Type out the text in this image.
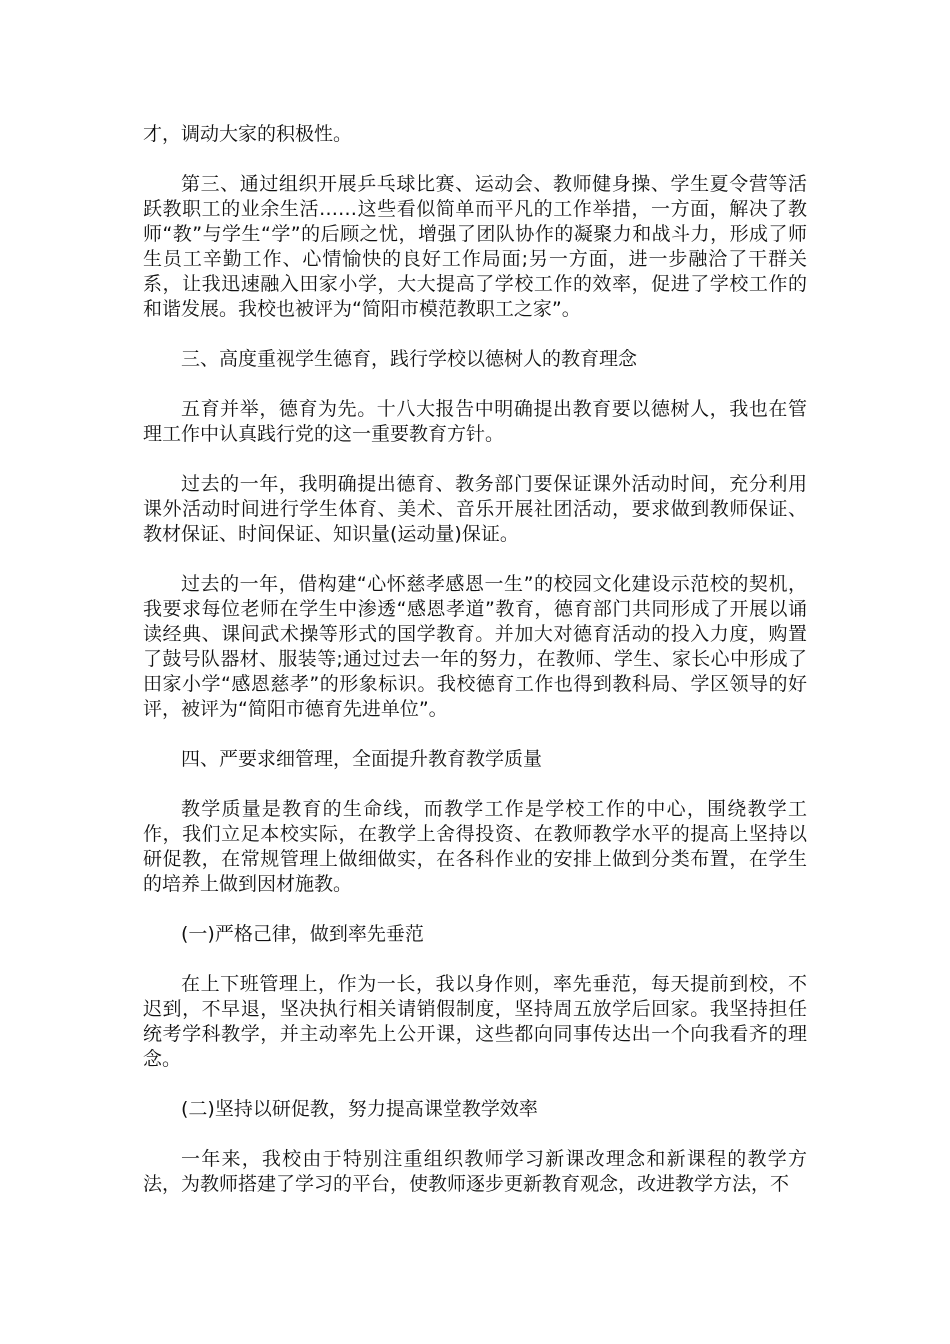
才，调动大家的积极性。

第三、通过组织开展乒乓球比赛、运动会、教师健身操、学生夏令营等活跃教职工的业余生活……这些看似简单而平凡的工作举措，一方面，解决了教师“教”与学生“学”的后顾之忧，增强了团队协作的凝聚力和战斗力，形成了师生员工辛勤工作、心情愉快的良好工作局面;另一方面，进一步融洽了干群关系，让我迅速融入田家小学，大大提高了学校工作的效率，促进了学校工作的和谐发展。我校也被评为“简阳市模范教职工之家”。

三、高度重视学生德育，践行学校以德树人的教育理念

五育并举，德育为先。十八大报告中明确提出教育要以德树人，我也在管理工作中认真践行党的这一重要教育方针。

过去的一年，我明确提出德育、教务部门要保证课外活动时间，充分利用课外活动时间进行学生体育、美术、音乐开展社团活动，要求做到教师保证、教材保证、时间保证、知识量(运动量)保证。

过去的一年，借构建“心怀慈孝感恩一生”的校园文化建设示范校的契机，我要求每位老师在学生中渗透“感恩孝道”教育，德育部门共同形成了开展以诵读经典、课间武术操等形式的国学教育。并加大对德育活动的投入力度，购置了鼓号队器材、服装等;通过过去一年的努力，在教师、学生、家长心中形成了田家小学“感恩慈孝”的形象标识。我校德育工作也得到教科局、学区领导的好评，被评为“简阳市德育先进单位”。

四、严要求细管理，全面提升教育教学质量

教学质量是教育的生命线，而教学工作是学校工作的中心，围绕教学工作，我们立足本校实际，在教学上舍得投资、在教师教学水平的提高上坚持以研促教，在常规管理上做细做实，在各科作业的安排上做到分类布置，在学生的培养上做到因材施教。

(一)严格己律，做到率先垂范

在上下班管理上，作为一长，我以身作则，率先垂范，每天提前到校，不迟到，不早退，坚决执行相关请销假制度，坚持周五放学后回家。我坚持担任统考学科教学，并主动率先上公开课，这些都向同事传达出一个向我看齐的理念。

(二)坚持以研促教，努力提高课堂教学效率

一年来，我校由于特别注重组织教师学习新课改理念和新课程的教学方法，为教师搭建了学习的平台，使教师逐步更新教育观念，改进教学方法，不
